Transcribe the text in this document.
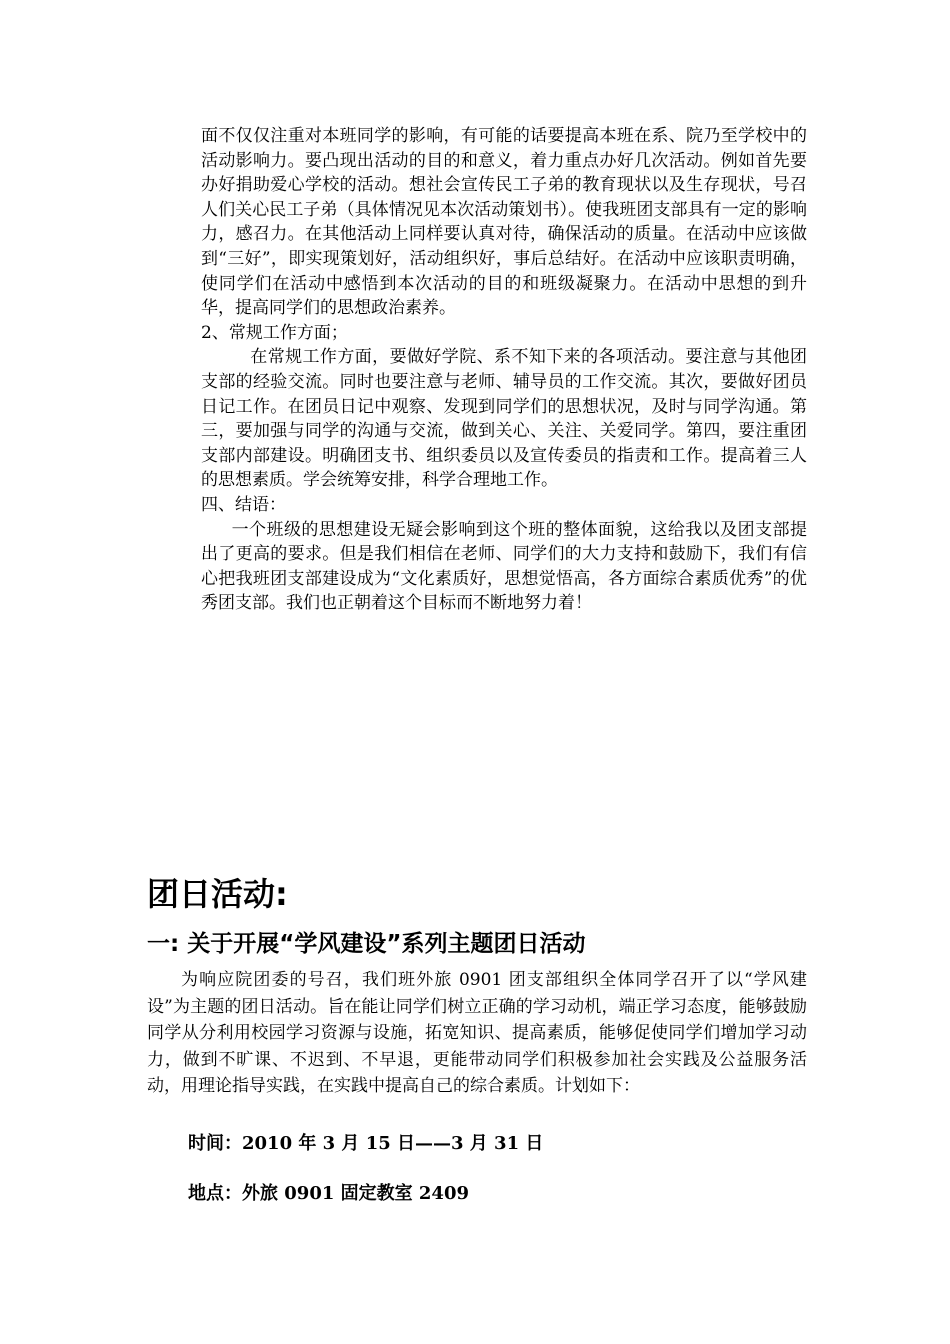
面不仅仅注重对本班同学的影响，有可能的话要提高本班在系、院乃至学校中的活动影响力。要凸现出活动的目的和意义，着力重点办好几次活动。例如首先要办好捐助爱心学校的活动。想社会宣传民工子弟的教育现状以及生存现状，号召人们关心民工子弟（具体情况见本次活动策划书）。使我班团支部具有一定的影响力，感召力。在其他活动上同样要认真对待，确保活动的质量。在活动中应该做到“三好”，即实现策划好，活动组织好，事后总结好。在活动中应该职责明确，使同学们在活动中感悟到本次活动的目的和班级凝聚力。在活动中思想的到升华，提高同学们的思想政治素养。

2、常规工作方面；

在常规工作方面，要做好学院、系不知下来的各项活动。要注意与其他团支部的经验交流。同时也要注意与老师、辅导员的工作交流。其次，要做好团员日记工作。在团员日记中观察、发现到同学们的思想状况，及时与同学沟通。第三，要加强与同学的沟通与交流，做到关心、关注、关爱同学。第四，要注重团支部内部建设。明确团支书、组织委员以及宣传委员的指责和工作。提高着三人的思想素质。学会统筹安排，科学合理地工作。

四、结语：

一个班级的思想建设无疑会影响到这个班的整体面貌，这给我以及团支部提出了更高的要求。但是我们相信在老师、同学们的大力支持和鼓励下，我们有信心把我班团支部建设成为“文化素质好，思想觉悟高，各方面综合素质优秀”的优秀团支部。我们也正朝着这个目标而不断地努力着！

团日活动:
一: 关于开展“学风建设”系列主题团日活动

为响应院团委的号召，我们班外旅 0901 团支部组织全体同学召开了以“学风建设”为主题的团日活动。旨在能让同学们树立正确的学习动机，端正学习态度，能够鼓励同学从分利用校园学习资源与设施，拓宽知识、提高素质，能够促使同学们增加学习动力，做到不旷课、不迟到、不早退，更能带动同学们积极参加社会实践及公益服务活动，用理论指导实践，在实践中提高自己的综合素质。计划如下：

时间：2010 年 3 月 15 日——3 月 31 日

地点：外旅 0901 固定教室 2409
